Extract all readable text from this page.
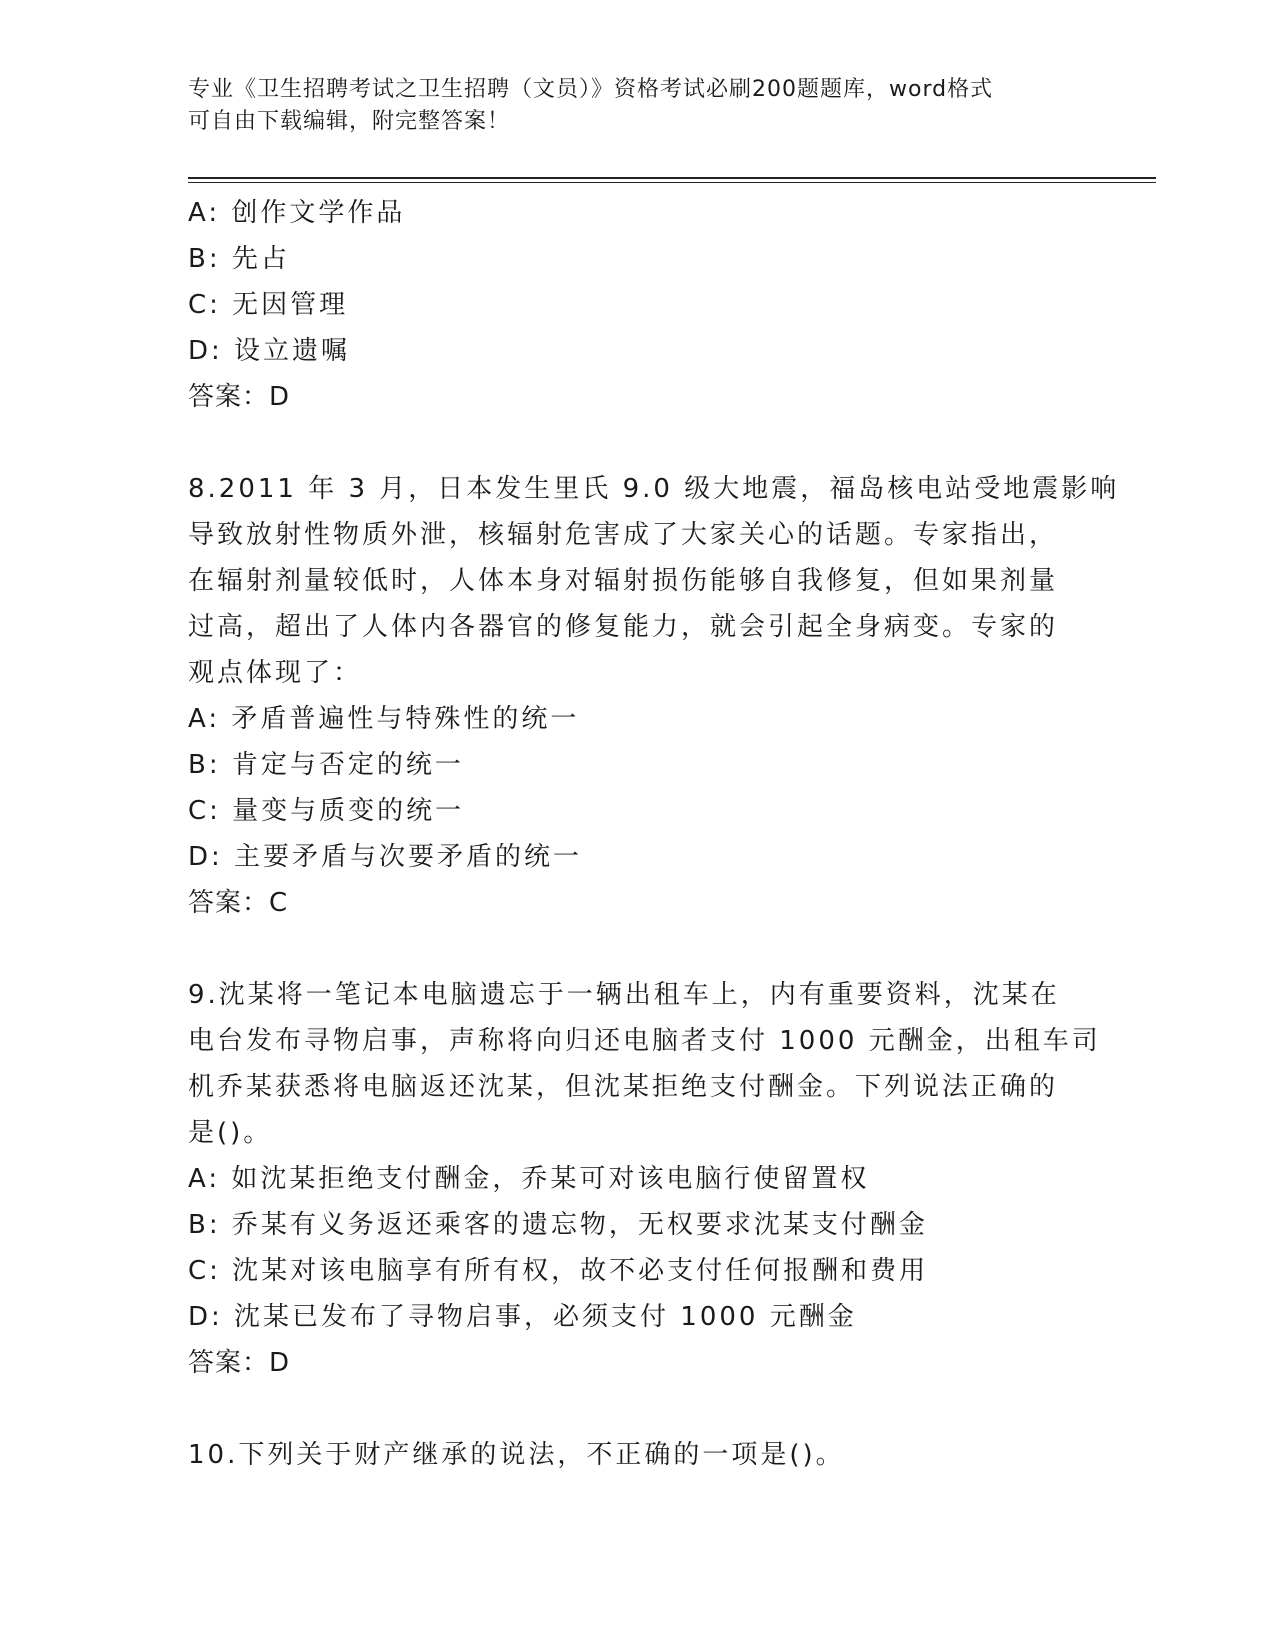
专业《卫生招聘考试之卫生招聘（文员）》资格考试必刷200题题库，word格式
可自由下载编辑，附完整答案！
A: 创作文学作品
B: 先占
C: 无因管理
D: 设立遗嘱
答案：D
8.2011 年 3 月，日本发生里氏 9.0 级大地震，福岛核电站受地震影响
导致放射性物质外泄，核辐射危害成了大家关心的话题。专家指出，
在辐射剂量较低时，人体本身对辐射损伤能够自我修复，但如果剂量
过高，超出了人体内各器官的修复能力，就会引起全身病变。专家的
观点体现了：
A: 矛盾普遍性与特殊性的统一
B: 肯定与否定的统一
C: 量变与质变的统一
D: 主要矛盾与次要矛盾的统一
答案：C
9.沈某将一笔记本电脑遗忘于一辆出租车上，内有重要资料，沈某在
电台发布寻物启事，声称将向归还电脑者支付 1000 元酬金，出租车司
机乔某获悉将电脑返还沈某，但沈某拒绝支付酬金。下列说法正确的
是()。
A: 如沈某拒绝支付酬金，乔某可对该电脑行使留置权
B: 乔某有义务返还乘客的遗忘物，无权要求沈某支付酬金
C: 沈某对该电脑享有所有权，故不必支付任何报酬和费用
D: 沈某已发布了寻物启事，必须支付 1000 元酬金
答案：D
10.下列关于财产继承的说法，不正确的一项是()。
